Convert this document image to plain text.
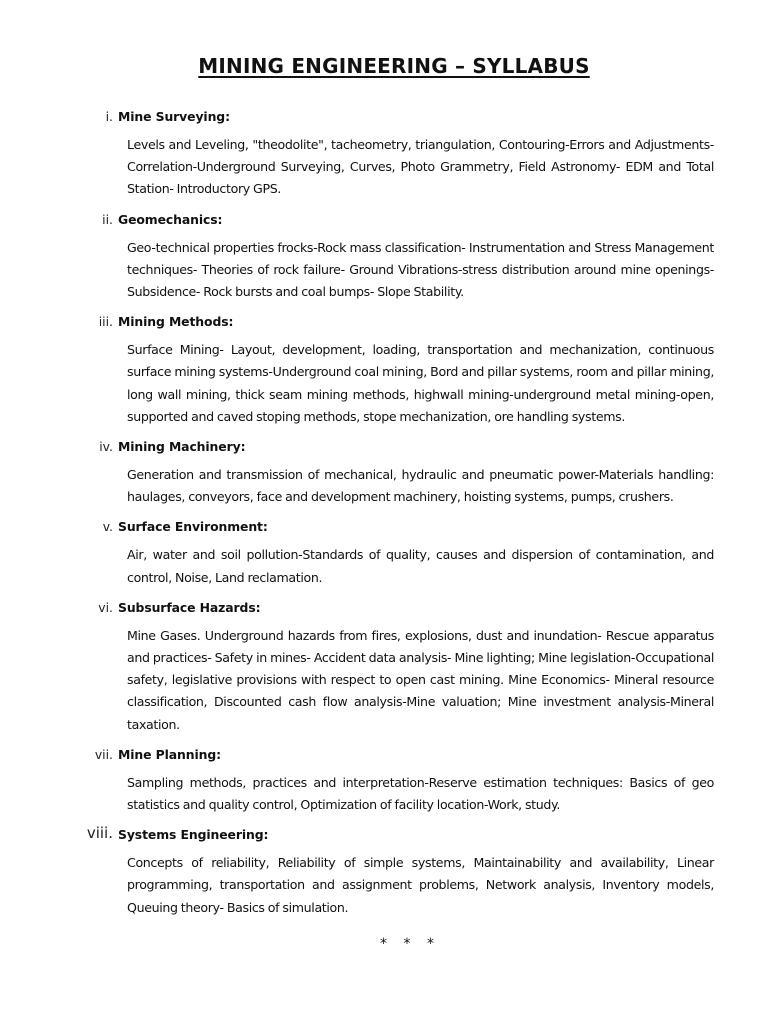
MINING ENGINEERING – SYLLABUS
i. Mine Surveying:
Levels and Leveling, "theodolite", tacheometry, triangulation, Contouring-Errors and Adjustments- Correlation-Underground Surveying, Curves, Photo Grammetry, Field Astronomy- EDM and Total Station- Introductory GPS.
ii. Geomechanics:
Geo-technical properties frocks-Rock mass classification- Instrumentation and Stress Management techniques- Theories of rock failure- Ground Vibrations-stress distribution around mine openings- Subsidence- Rock bursts and coal bumps- Slope Stability.
iii. Mining Methods:
Surface Mining- Layout, development, loading, transportation and mechanization, continuous surface mining systems-Underground coal mining, Bord and pillar systems, room and pillar mining, long wall mining, thick seam mining methods, highwall mining-underground metal mining-open, supported and caved stoping methods, stope mechanization, ore handling systems.
iv. Mining Machinery:
Generation and transmission of mechanical, hydraulic and pneumatic power-Materials handling: haulages, conveyors, face and development machinery, hoisting systems, pumps, crushers.
v. Surface Environment:
Air, water and soil pollution-Standards of quality, causes and dispersion of contamination, and control, Noise, Land reclamation.
vi. Subsurface Hazards:
Mine Gases. Underground hazards from fires, explosions, dust and inundation- Rescue apparatus and practices- Safety in mines- Accident data analysis- Mine lighting; Mine legislation-Occupational safety, legislative provisions with respect to open cast mining. Mine Economics- Mineral resource classification, Discounted cash flow analysis-Mine valuation; Mine investment analysis-Mineral taxation.
vii. Mine Planning:
Sampling methods, practices and interpretation-Reserve estimation techniques: Basics of geo statistics and quality control, Optimization of facility location-Work, study.
viii. Systems Engineering:
Concepts of reliability, Reliability of simple systems, Maintainability and availability, Linear programming, transportation and assignment problems, Network analysis, Inventory models, Queuing theory- Basics of simulation.
* * *
